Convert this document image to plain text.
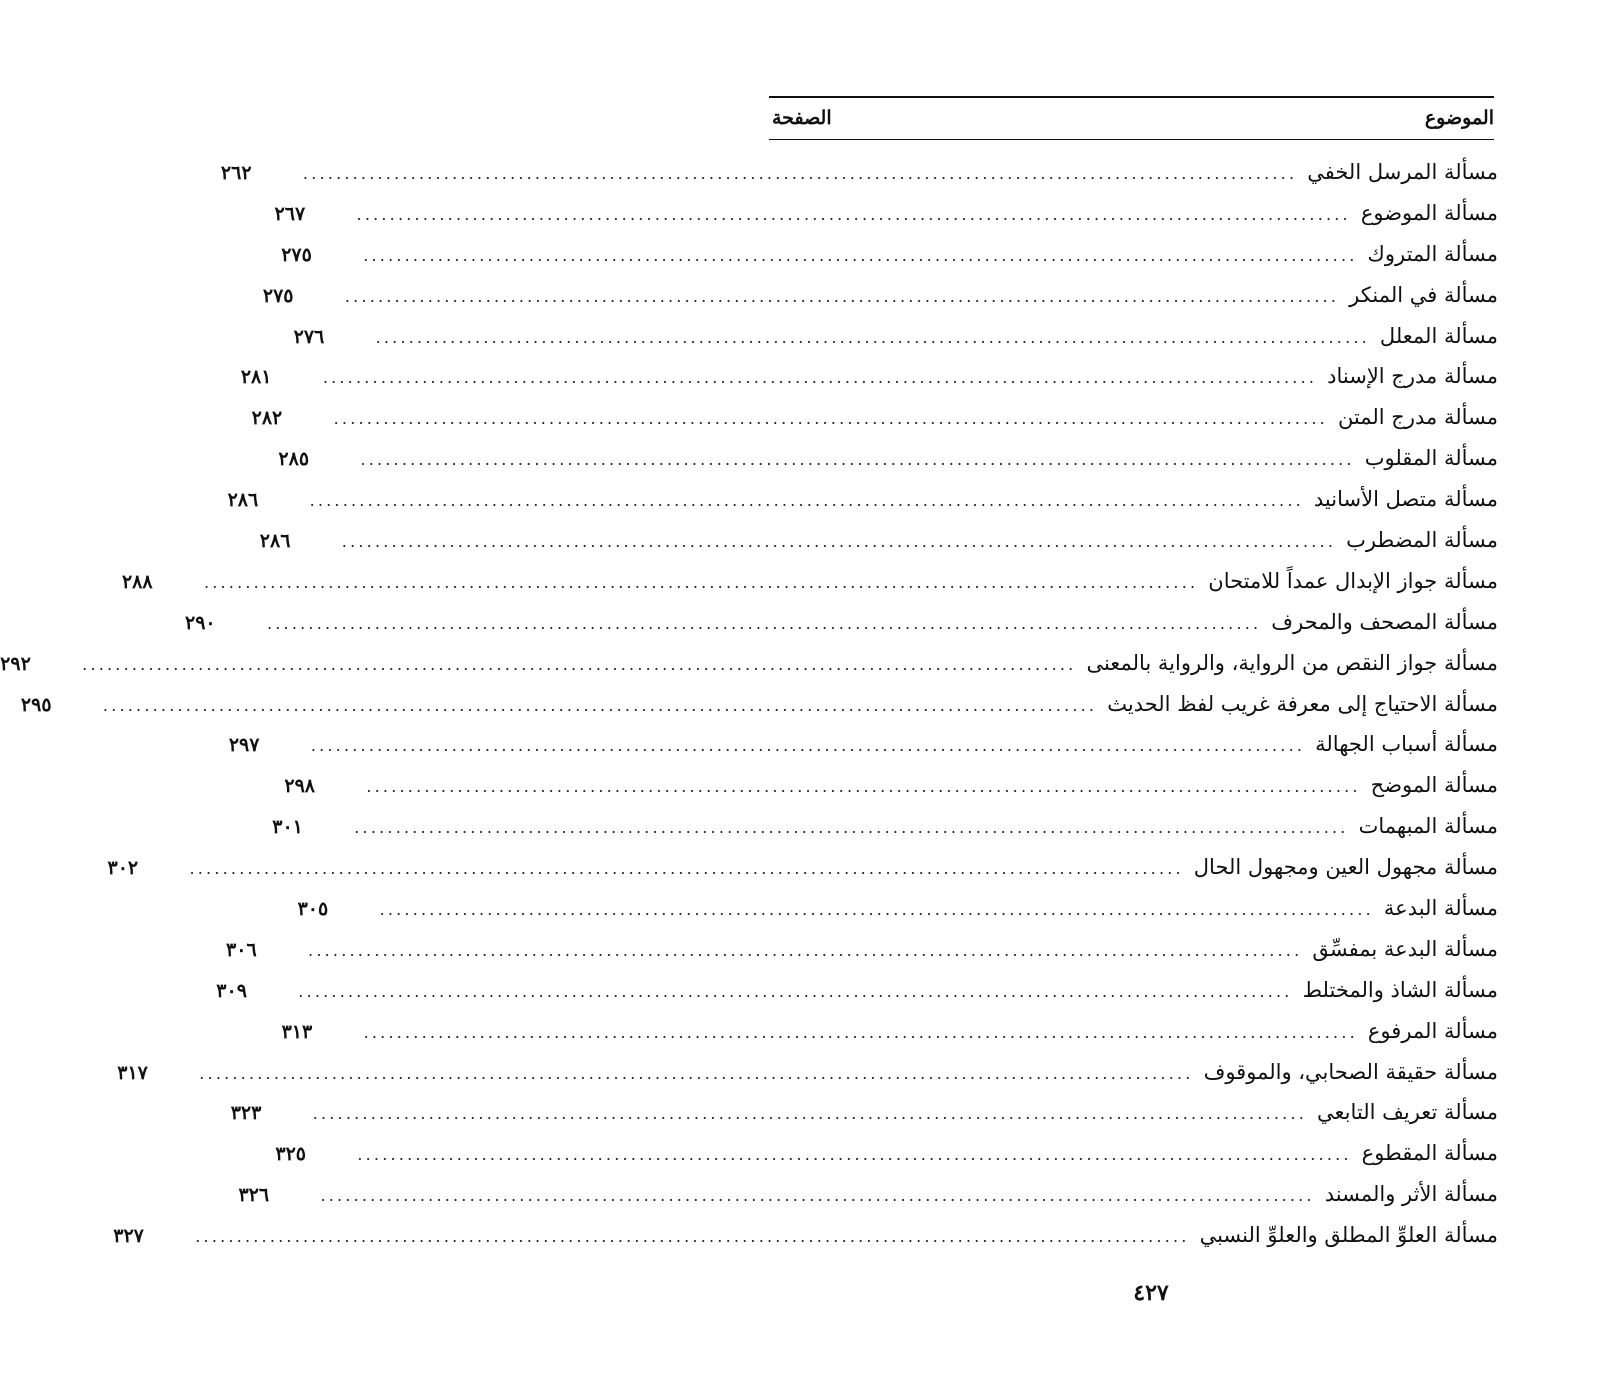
الموضوع
الصفحة
مسألة المرسل الخفي
........................................................................................................................
٢٦٢
مسألة الموضوع
........................................................................................................................
٢٦٧
مسألة المتروك
........................................................................................................................
٢٧٥
مسألة في المنكر
........................................................................................................................
٢٧٥
مسألة المعلل
........................................................................................................................
٢٧٦
مسألة مدرج الإسناد
........................................................................................................................
٢٨١
مسألة مدرج المتن
........................................................................................................................
٢٨٢
مسألة المقلوب
........................................................................................................................
٢٨٥
مسألة متصل الأسانيد
........................................................................................................................
٢٨٦
مسألة المضطرب
........................................................................................................................
٢٨٦
مسألة جواز الإبدال عمداً للامتحان
........................................................................................................................
٢٨٨
مسألة المصحف والمحرف
........................................................................................................................
٢٩٠
مسألة جواز النقص من الرواية، والرواية بالمعنى
........................................................................................................................
٢٩٢
مسألة الاحتياج إلى معرفة غريب لفظ الحديث
........................................................................................................................
٢٩٥
مسألة أسباب الجهالة
........................................................................................................................
٢٩٧
مسألة الموضح
........................................................................................................................
٢٩٨
مسألة المبهمات
........................................................................................................................
٣٠١
مسألة مجهول العين ومجهول الحال
........................................................................................................................
٣٠٢
مسألة البدعة
........................................................................................................................
٣٠٥
مسألة البدعة بمفسِّق
........................................................................................................................
٣٠٦
مسألة الشاذ والمختلط
........................................................................................................................
٣٠٩
مسألة المرفوع
........................................................................................................................
٣١٣
مسألة حقيقة الصحابي، والموقوف
........................................................................................................................
٣١٧
مسألة تعريف التابعي
........................................................................................................................
٣٢٣
مسألة المقطوع
........................................................................................................................
٣٢٥
مسألة الأثر والمسند
........................................................................................................................
٣٢٦
مسألة العلوِّ المطلق والعلوِّ النسبي
........................................................................................................................
٣٢٧
٤٢٧
